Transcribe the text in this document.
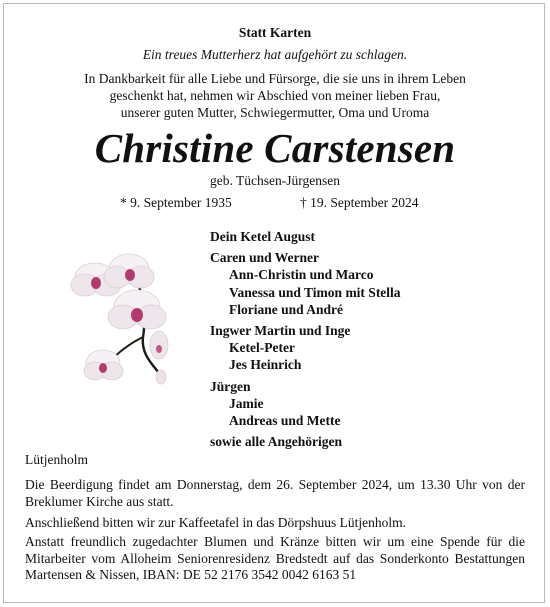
Statt Karten
Ein treues Mutterherz hat aufgehört zu schlagen.
In Dankbarkeit für alle Liebe und Fürsorge, die sie uns in ihrem Leben
geschenkt hat, nehmen wir Abschied von meiner lieben Frau,
unserer guten Mutter, Schwiegermutter, Oma und Uroma
Christine Carstensen
geb. Tüchsen-Jürgensen
* 9. September 1935	† 19. September 2024
Dein Ketel August
Caren und Werner
Ann-Christin und Marco
Vanessa und Timon mit Stella
Floriane und André
Ingwer Martin und Inge
Ketel-Peter
Jes Heinrich
Jürgen
Jamie
Andreas und Mette
sowie alle Angehörigen
Lütjenholm
Die Beerdigung findet am Donnerstag, dem 26. September 2024, um 13.30 Uhr von der Breklumer Kirche aus statt.
Anschließend bitten wir zur Kaffeetafel in das Dörpshuus Lütjenholm.
Anstatt freundlich zugedachter Blumen und Kränze bitten wir um eine Spende für die Mitarbeiter vom Alloheim Seniorenresidenz Bredstedt auf das Sonderkonto Bestattungen Martensen & Nissen, IBAN: DE 52 2176 3542 0042 6163 51
